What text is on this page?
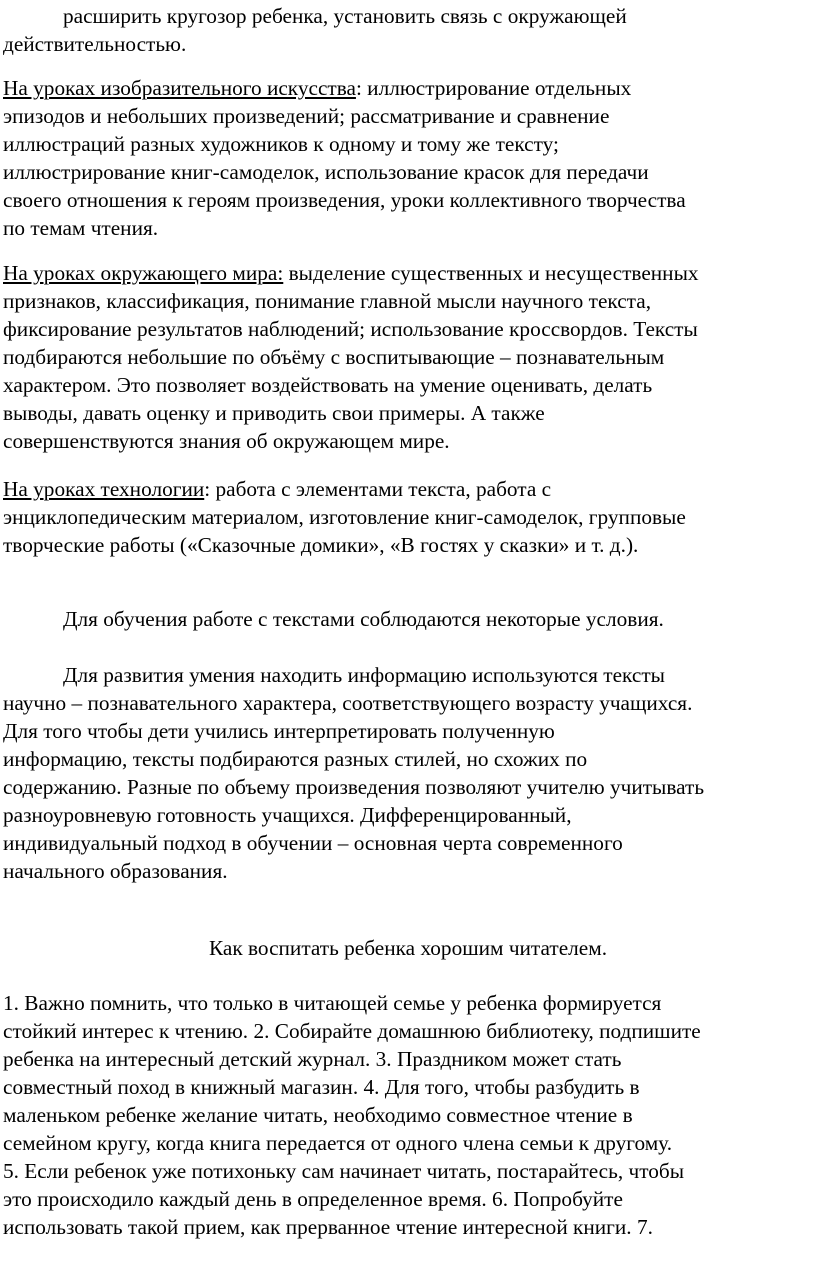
расширить кругозор ребенка, установить связь с окружающей
действительностью.
На уроках изобразительного искусства: иллюстрирование отдельных
эпизодов и небольших произведений; рассматривание и сравнение
иллюстраций разных художников к одному и тому же тексту;
иллюстрирование книг-самоделок, использование красок для передачи
своего отношения к героям произведения, уроки коллективного творчества
по темам чтения.
На уроках окружающего мира: выделение существенных и несущественных
признаков, классификация, понимание главной мысли научного текста,
фиксирование результатов наблюдений; использование кроссвордов. Тексты
подбираются небольшие по объёму с воспитывающие – познавательным
характером. Это позволяет воздействовать на умение оценивать, делать
выводы, давать оценку и приводить свои примеры. А также
совершенствуются знания об окружающем мире.
На уроках технологии: работа с элементами текста, работа с
энциклопедическим материалом, изготовление книг-самоделок, групповые
творческие работы («Сказочные домики», «В гостях у сказки» и т. д.).
Для обучения работе с текстами соблюдаются некоторые условия.
Для развития умения находить информацию используются тексты
научно – познавательного характера, соответствующего возрасту учащихся.
Для того чтобы дети учились интерпретировать полученную
информацию, тексты подбираются разных стилей, но схожих по
содержанию. Разные по объему произведения позволяют учителю учитывать
разноуровневую готовность учащихся. Дифференцированный,
индивидуальный подход в обучении – основная черта современного
начального образования.
Как воспитать ребенка хорошим читателем.
1. Важно помнить, что только в читающей семье у ребенка формируется
стойкий интерес к чтению. 2. Собирайте домашнюю библиотеку, подпишите
ребенка на интересный детский журнал. 3. Праздником может стать
совместный поход в книжный магазин. 4. Для того, чтобы разбудить в
маленьком ребенке желание читать, необходимо совместное чтение в
семейном кругу, когда книга передается от одного члена семьи к другому.
5. Если ребенок уже потихоньку сам начинает читать, постарайтесь, чтобы
это происходило каждый день в определенное время. 6. Попробуйте
использовать такой прием, как прерванное чтение интересной книги. 7.
